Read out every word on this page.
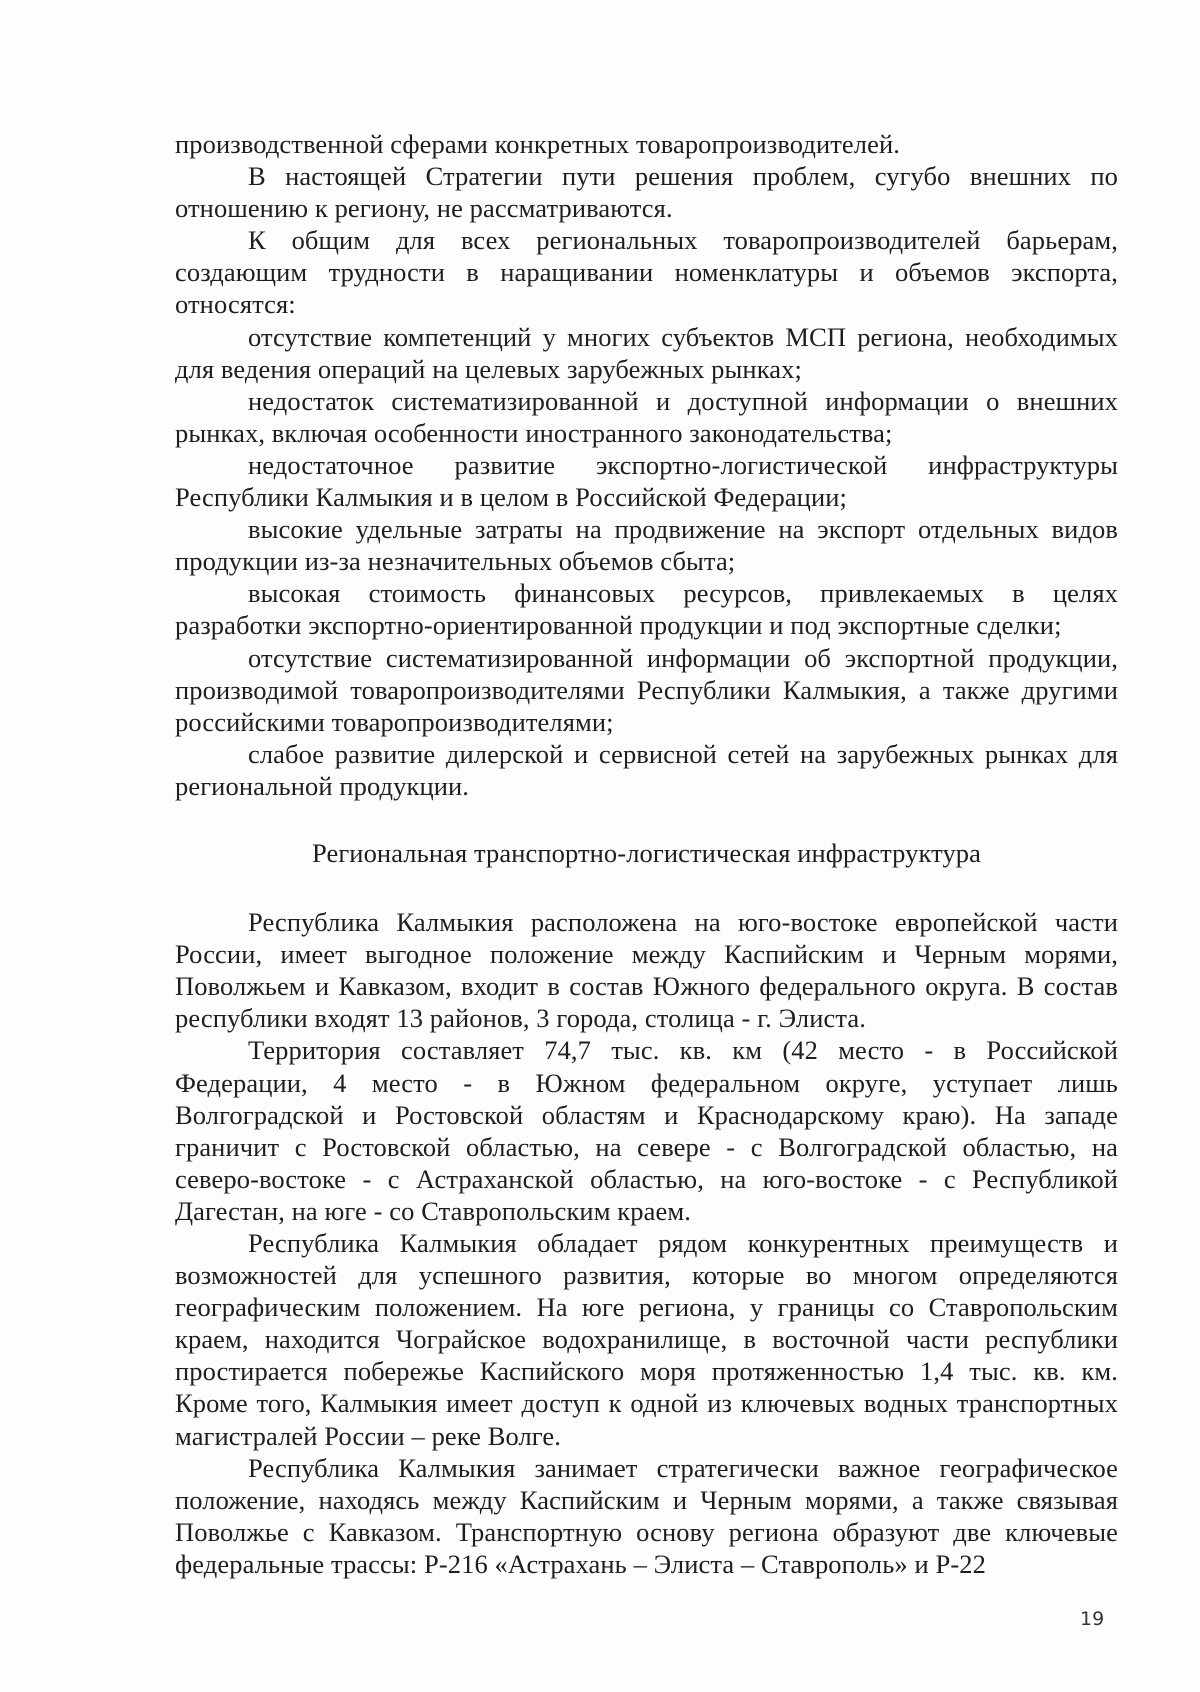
производственной сферами конкретных товаропроизводителей.

В настоящей Стратегии пути решения проблем, сугубо внешних по отношению к региону, не рассматриваются.

К общим для всех региональных товаропроизводителей барьерам, создающим трудности в наращивании номенклатуры и объемов экспорта, относятся:

отсутствие компетенций у многих субъектов МСП региона, необходимых для ведения операций на целевых зарубежных рынках;

недостаток систематизированной и доступной информации о внешних рынках, включая особенности иностранного законодательства;

недостаточное развитие экспортно-логистической инфраструктуры Республики Калмыкия и в целом в Российской Федерации;

высокие удельные затраты на продвижение на экспорт отдельных видов продукции из-за незначительных объемов сбыта;

высокая стоимость финансовых ресурсов, привлекаемых в целях разработки экспортно-ориентированной продукции и под экспортные сделки;

отсутствие систематизированной информации об экспортной продукции, производимой товаропроизводителями Республики Калмыкия, а также другими российскими товаропроизводителями;

слабое развитие дилерской и сервисной сетей на зарубежных рынках для региональной продукции.

Региональная транспортно-логистическая инфраструктура

Республика Калмыкия расположена на юго-востоке европейской части России, имеет выгодное положение между Каспийским и Черным морями, Поволжьем и Кавказом, входит в состав Южного федерального округа. В состав республики входят 13 районов, 3 города, столица - г. Элиста.

Территория составляет 74,7 тыс. кв. км (42 место - в Российской Федерации, 4 место - в Южном федеральном округе, уступает лишь Волгоградской и Ростовской областям и Краснодарскому краю). На западе граничит с Ростовской областью, на севере - с Волгоградской областью, на северо-востоке - с Астраханской областью, на юго-востоке - с Республикой Дагестан, на юге - со Ставропольским краем.

Республика Калмыкия обладает рядом конкурентных преимуществ и возможностей для успешного развития, которые во многом определяются географическим положением. На юге региона, у границы со Ставропольским краем, находится Чограйское водохранилище, в восточной части республики простирается побережье Каспийского моря протяженностью 1,4 тыс. кв. км. Кроме того, Калмыкия имеет доступ к одной из ключевых водных транспортных магистралей России – реке Волге.

Республика Калмыкия занимает стратегически важное географическое положение, находясь между Каспийским и Черным морями, а также связывая Поволжье с Кавказом. Транспортную основу региона образуют две ключевые федеральные трассы: Р-216 «Астрахань – Элиста – Ставрополь» и Р-22

19
